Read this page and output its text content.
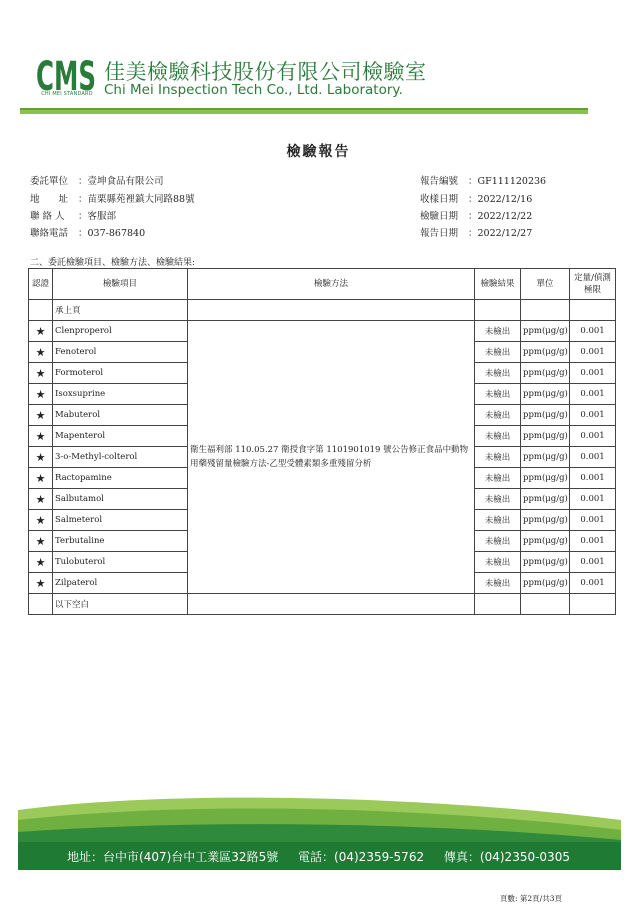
CMS
CHI MEI STANDARD
佳美檢驗科技股份有限公司檢驗室
Chi Mei Inspection Tech Co., Ltd. Laboratory.
檢驗報告
委託單位 ：壹坤食品有限公司
地　　址 ：苗栗縣苑裡鎮大同路88號
聯 絡 人 ：客服部
聯絡電話 ：037-867840
報告編號 ：GF111120236
收樣日期 ：2022/12/16
檢驗日期 ：2022/12/22
報告日期 ：2022/12/27
二、委託檢驗項目、檢驗方法、檢驗結果:
認證	檢驗項目	檢驗方法	檢驗結果	單位	定量/偵測極限
	承上頁				
★	Clenproperol	衛生福利部 110.05.27 衛授食字第 1101901019 號公告修正食品中動物用藥殘留量檢驗方法-乙型受體素類多重殘留分析	未檢出	ppm(μg/g)	0.001
★	Fenoterol		未檢出	ppm(μg/g)	0.001
★	Formoterol		未檢出	ppm(μg/g)	0.001
★	Isoxsuprine		未檢出	ppm(μg/g)	0.001
★	Mabuterol		未檢出	ppm(μg/g)	0.001
★	Mapenterol		未檢出	ppm(μg/g)	0.001
★	3-o-Methyl-colterol		未檢出	ppm(μg/g)	0.001
★	Ractopamine		未檢出	ppm(μg/g)	0.001
★	Salbutamol		未檢出	ppm(μg/g)	0.001
★	Salmeterol		未檢出	ppm(μg/g)	0.001
★	Terbutaline		未檢出	ppm(μg/g)	0.001
★	Tulobuterol		未檢出	ppm(μg/g)	0.001
★	Zilpaterol		未檢出	ppm(μg/g)	0.001
	以下空白				
地址：台中市(407)台中工業區32路5號 電話：(04)2359-5762 傳真：(04)2350-0305
頁數: 第2頁/共3頁
